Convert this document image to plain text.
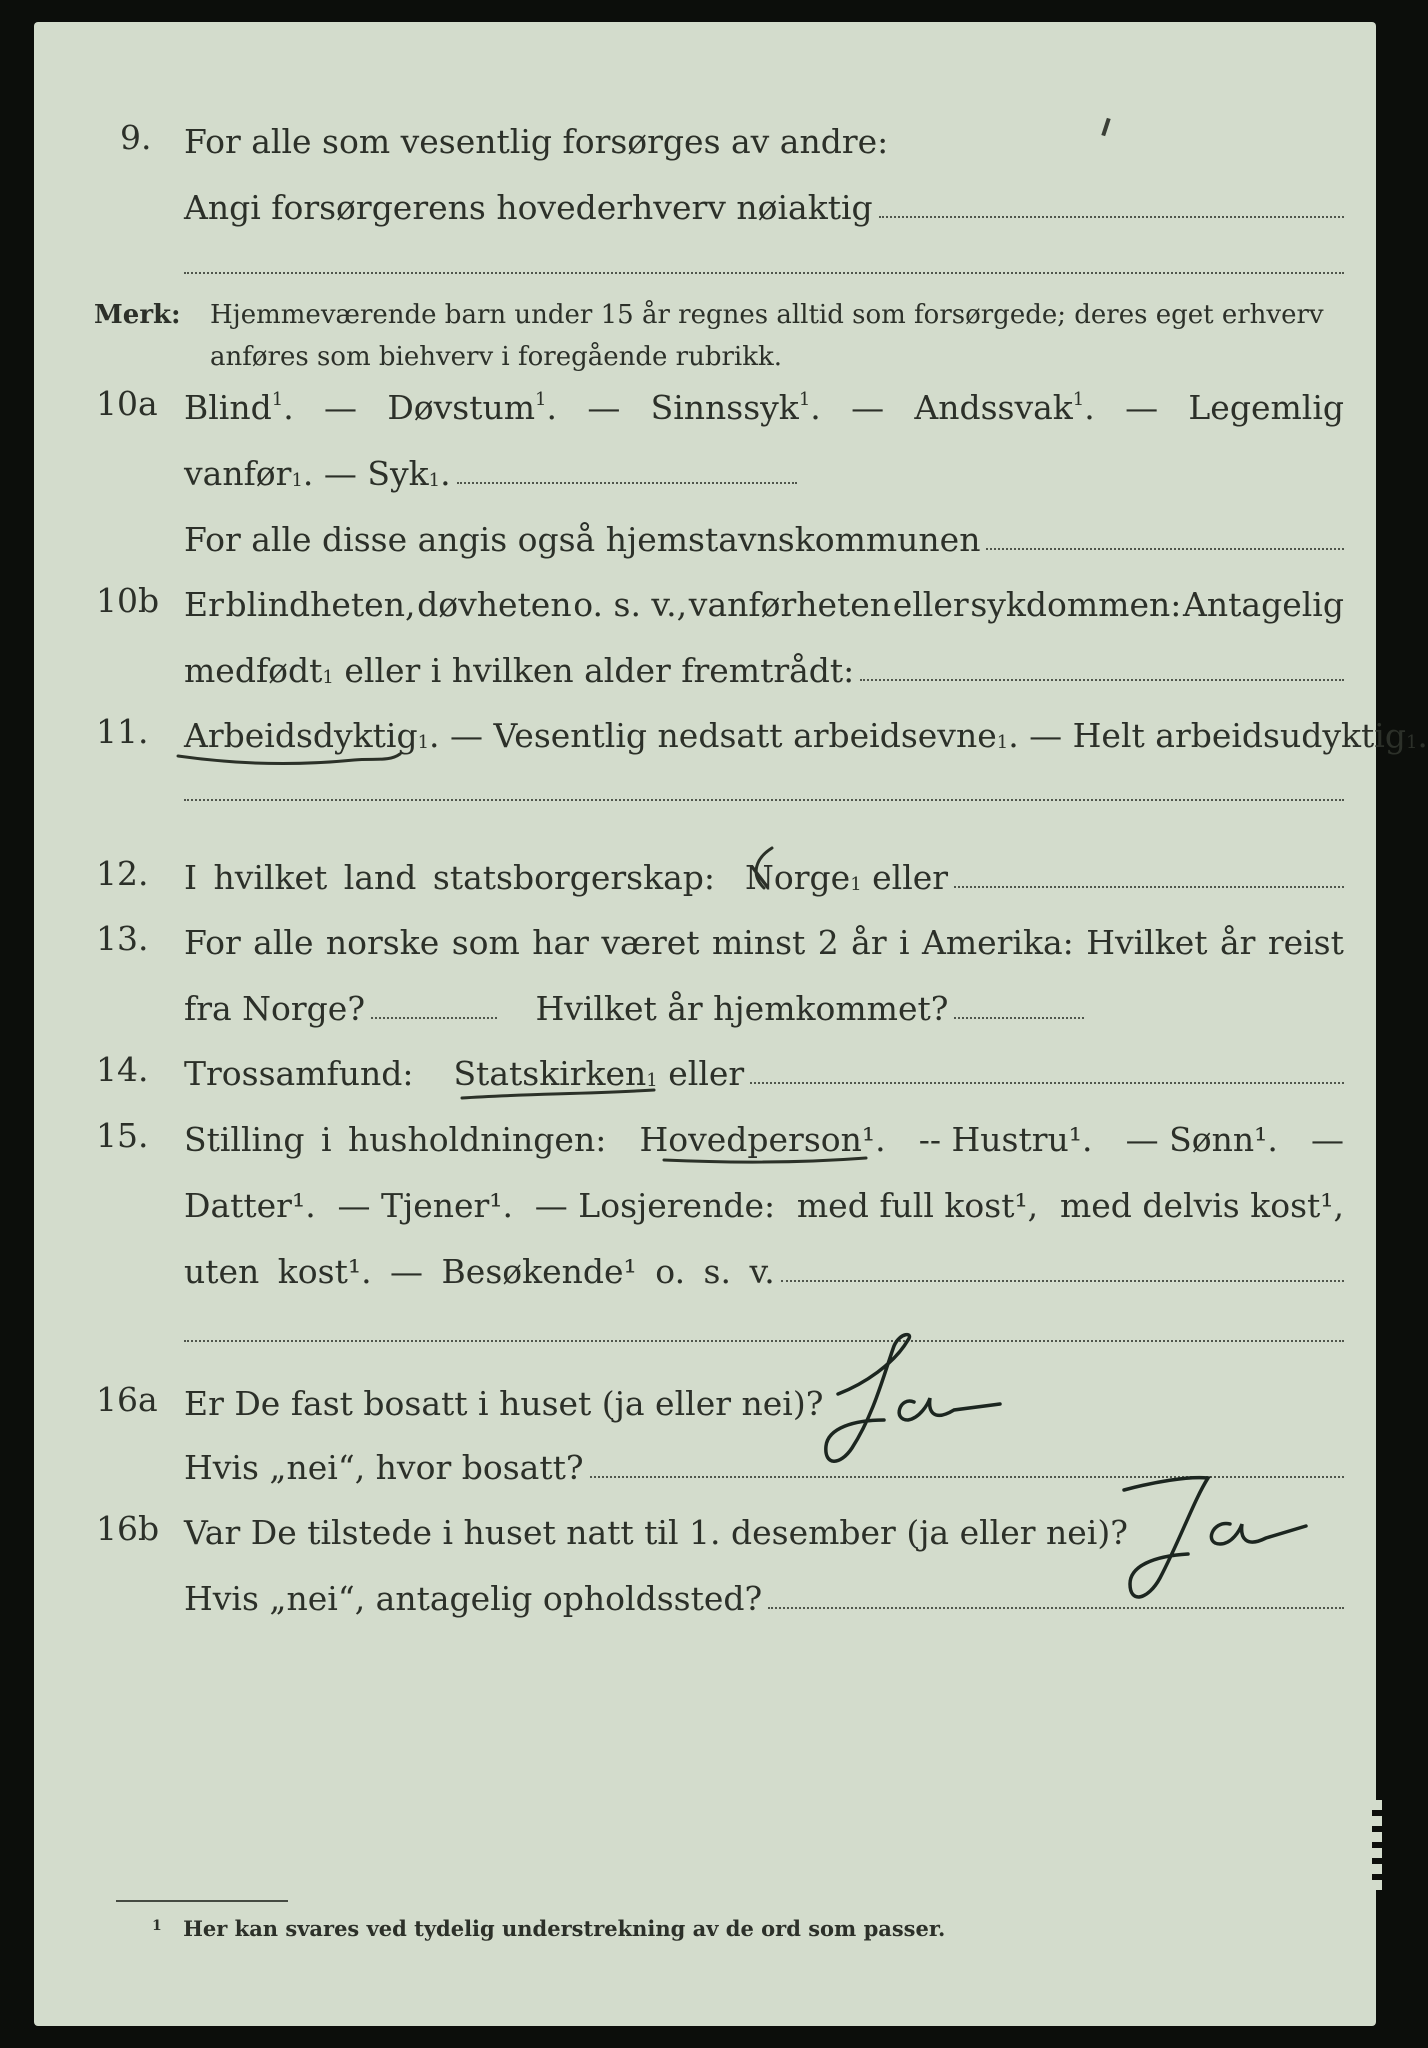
9. For alle som vesentlig forsørges av andre:
Angi forsørgerens hovederhverv nøiaktig
Merk: Hjemmeværende barn under 15 år regnes alltid som forsørgede; deres eget erhverv anføres som biehverv i foregående rubrikk.
10a Blind$^1$. — Døvstum$^1$. — Sinnssyk$^1$. — Andssvak$^1$. — Legemlig
vanfør$_1$ . — Syk$_1$ .
For alle disse angis også hjemstavnskommunen
10b Er blindheten, døvheten o. s. v., vanførheten eller sykdommen: Antagelig
medfødt$_1$ eller i hvilken alder fremtrådt:
11. Arbeidsdyktig$_1$ . — Vesentlig nedsatt arbeidsevne$_1$ . — Helt arbeidsudyktig$_1$ .
12. I hvilket land statsborgerskap: Norge$_1$ eller
13. For alle norske som har været minst 2 år i Amerika: Hvilket år reist
fra Norge?	Hvilket år hjemkommet?
14. Trossamfund: Statskirken$_1$ eller
15. Stilling i husholdningen: Hovedperson¹. -- Hustru¹. — Sønn¹. —
Datter¹. — Tjener¹. — Losjerende: med full kost¹, med delvis kost¹,
uten kost¹. — Besøkende¹ o. s. v.
16a Er De fast bosatt i huset (ja eller nei)?
Hvis „nei“, hvor bosatt?
16b Var De tilstede i huset natt til 1. desember (ja eller nei)?
Hvis „nei“, antagelig opholdssted?
$^1$ Her kan svares ved tydelig understrekning av de ord som passer.
